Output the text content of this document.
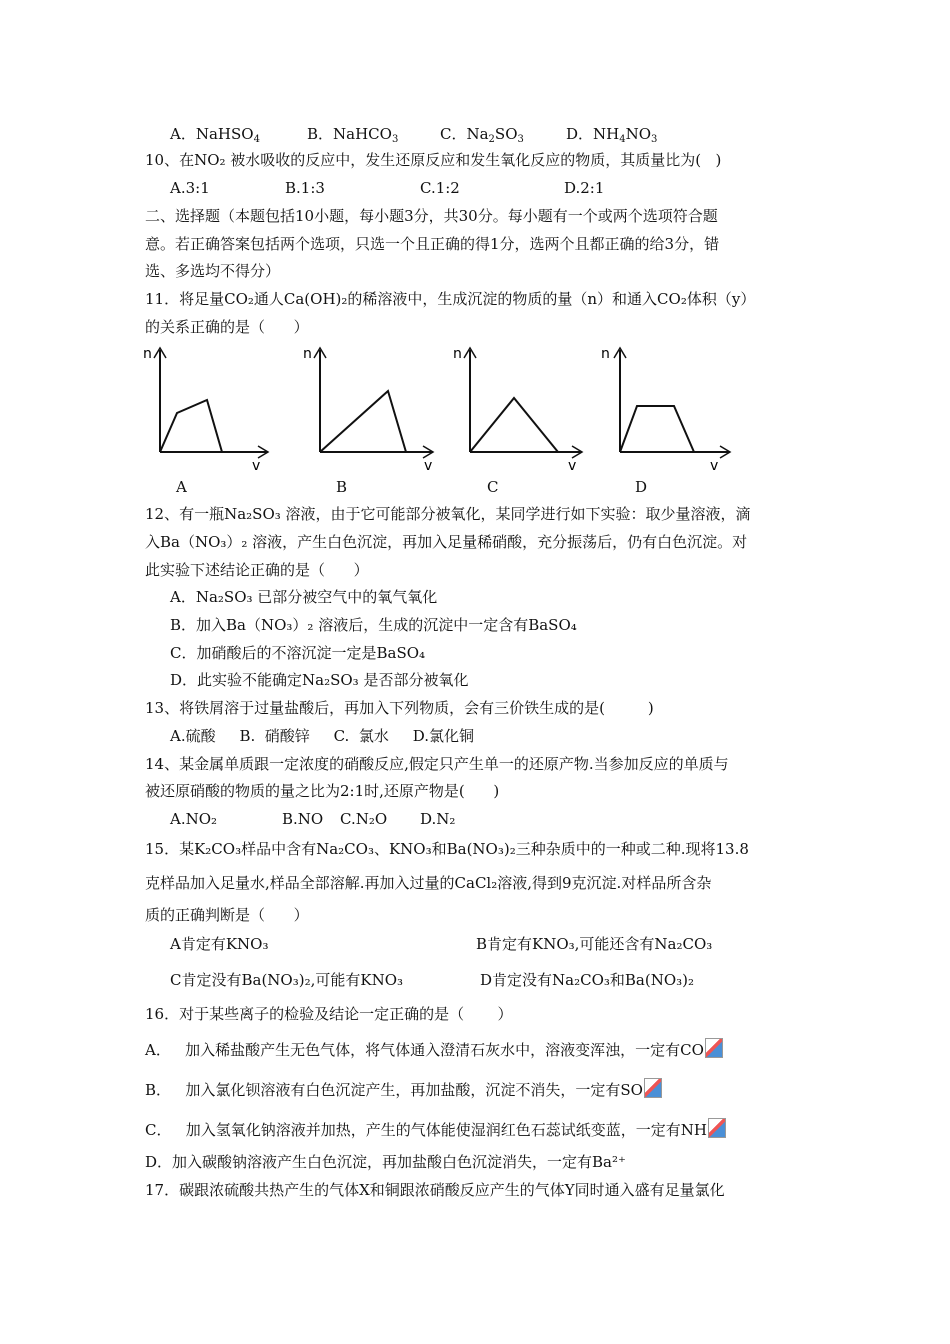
A．NaHSO$_4$	B．NaHCO$_3$	C．$Na_2SO_3$	D．$NH_4NO_3$
10、在NO₂ 被水吸收的反应中，发生还原反应和发生氧化反应的物质，其质量比为(   )
A.3:1	B.1:3	C.1:2	D.2:1
二、选择题（本题包括10小题，每小题3分，共30分。每小题有一个或两个选项符合题
意。若正确答案包括两个选项，只选一个且正确的得1分，选两个且都正确的给3分，错
选、多选均不得分）
11．将足量CO₂通人Ca(OH)₂的稀溶液中，生成沉淀的物质的量（n）和通入CO₂体积（y）
的关系正确的是（      ）
n
v
A
n
v
B
n
v
C
n
v
D
12、有一瓶Na₂SO₃ 溶液，由于它可能部分被氧化，某同学进行如下实验：取少量溶液，滴
入Ba（NO₃）₂ 溶液，产生白色沉淀，再加入足量稀硝酸，充分振荡后，仍有白色沉淀。对
此实验下述结论正确的是（      ）
A．Na₂SO₃ 已部分被空气中的氧气氧化
B．加入Ba（NO₃）₂ 溶液后，生成的沉淀中一定含有BaSO₄
C．加硝酸后的不溶沉淀一定是BaSO₄
D．此实验不能确定Na₂SO₃ 是否部分被氧化
13、将铁屑溶于过量盐酸后，再加入下列物质，会有三价铁生成的是(         )
A.硫酸     B.  硝酸锌     C.  氯水     D.氯化铜
14、某金属单质跟一定浓度的硝酸反应,假定只产生单一的还原产物.当参加反应的单质与
被还原硝酸的物质的量之比为2:1时,还原产物是(      )
A.NO₂	B.NO C.N₂O D.N₂
15．某K₂CO₃样品中含有Na₂CO₃、KNO₃和Ba(NO₃)₂三种杂质中的一种或二种.现将13.8
克样品加入足量水,样品全部溶解.再加入过量的CaCl₂溶液,得到9克沉淀.对样品所含杂
质的正确判断是（      ）
A肯定有KNO₃	B肯定有KNO₃,可能还含有Na₂CO₃
C肯定没有Ba(NO₃)₂,可能有KNO₃	D肯定没有Na₂CO₃和Ba(NO₃)₂
16．对于某些离子的检验及结论一定正确的是（       ）
A．   加入稀盐酸产生无色气体，将气体通入澄清石灰水中，溶液变浑浊，一定有CO
B．   加入氯化钡溶液有白色沉淀产生，再加盐酸，沉淀不消失，一定有SO
C．   加入氢氧化钠溶液并加热，产生的气体能使湿润红色石蕊试纸变蓝，一定有NH
D．加入碳酸钠溶液产生白色沉淀，再加盐酸白色沉淀消失，一定有Ba²⁺
17．碳跟浓硫酸共热产生的气体X和铜跟浓硝酸反应产生的气体Y同时通入盛有足量氯化
